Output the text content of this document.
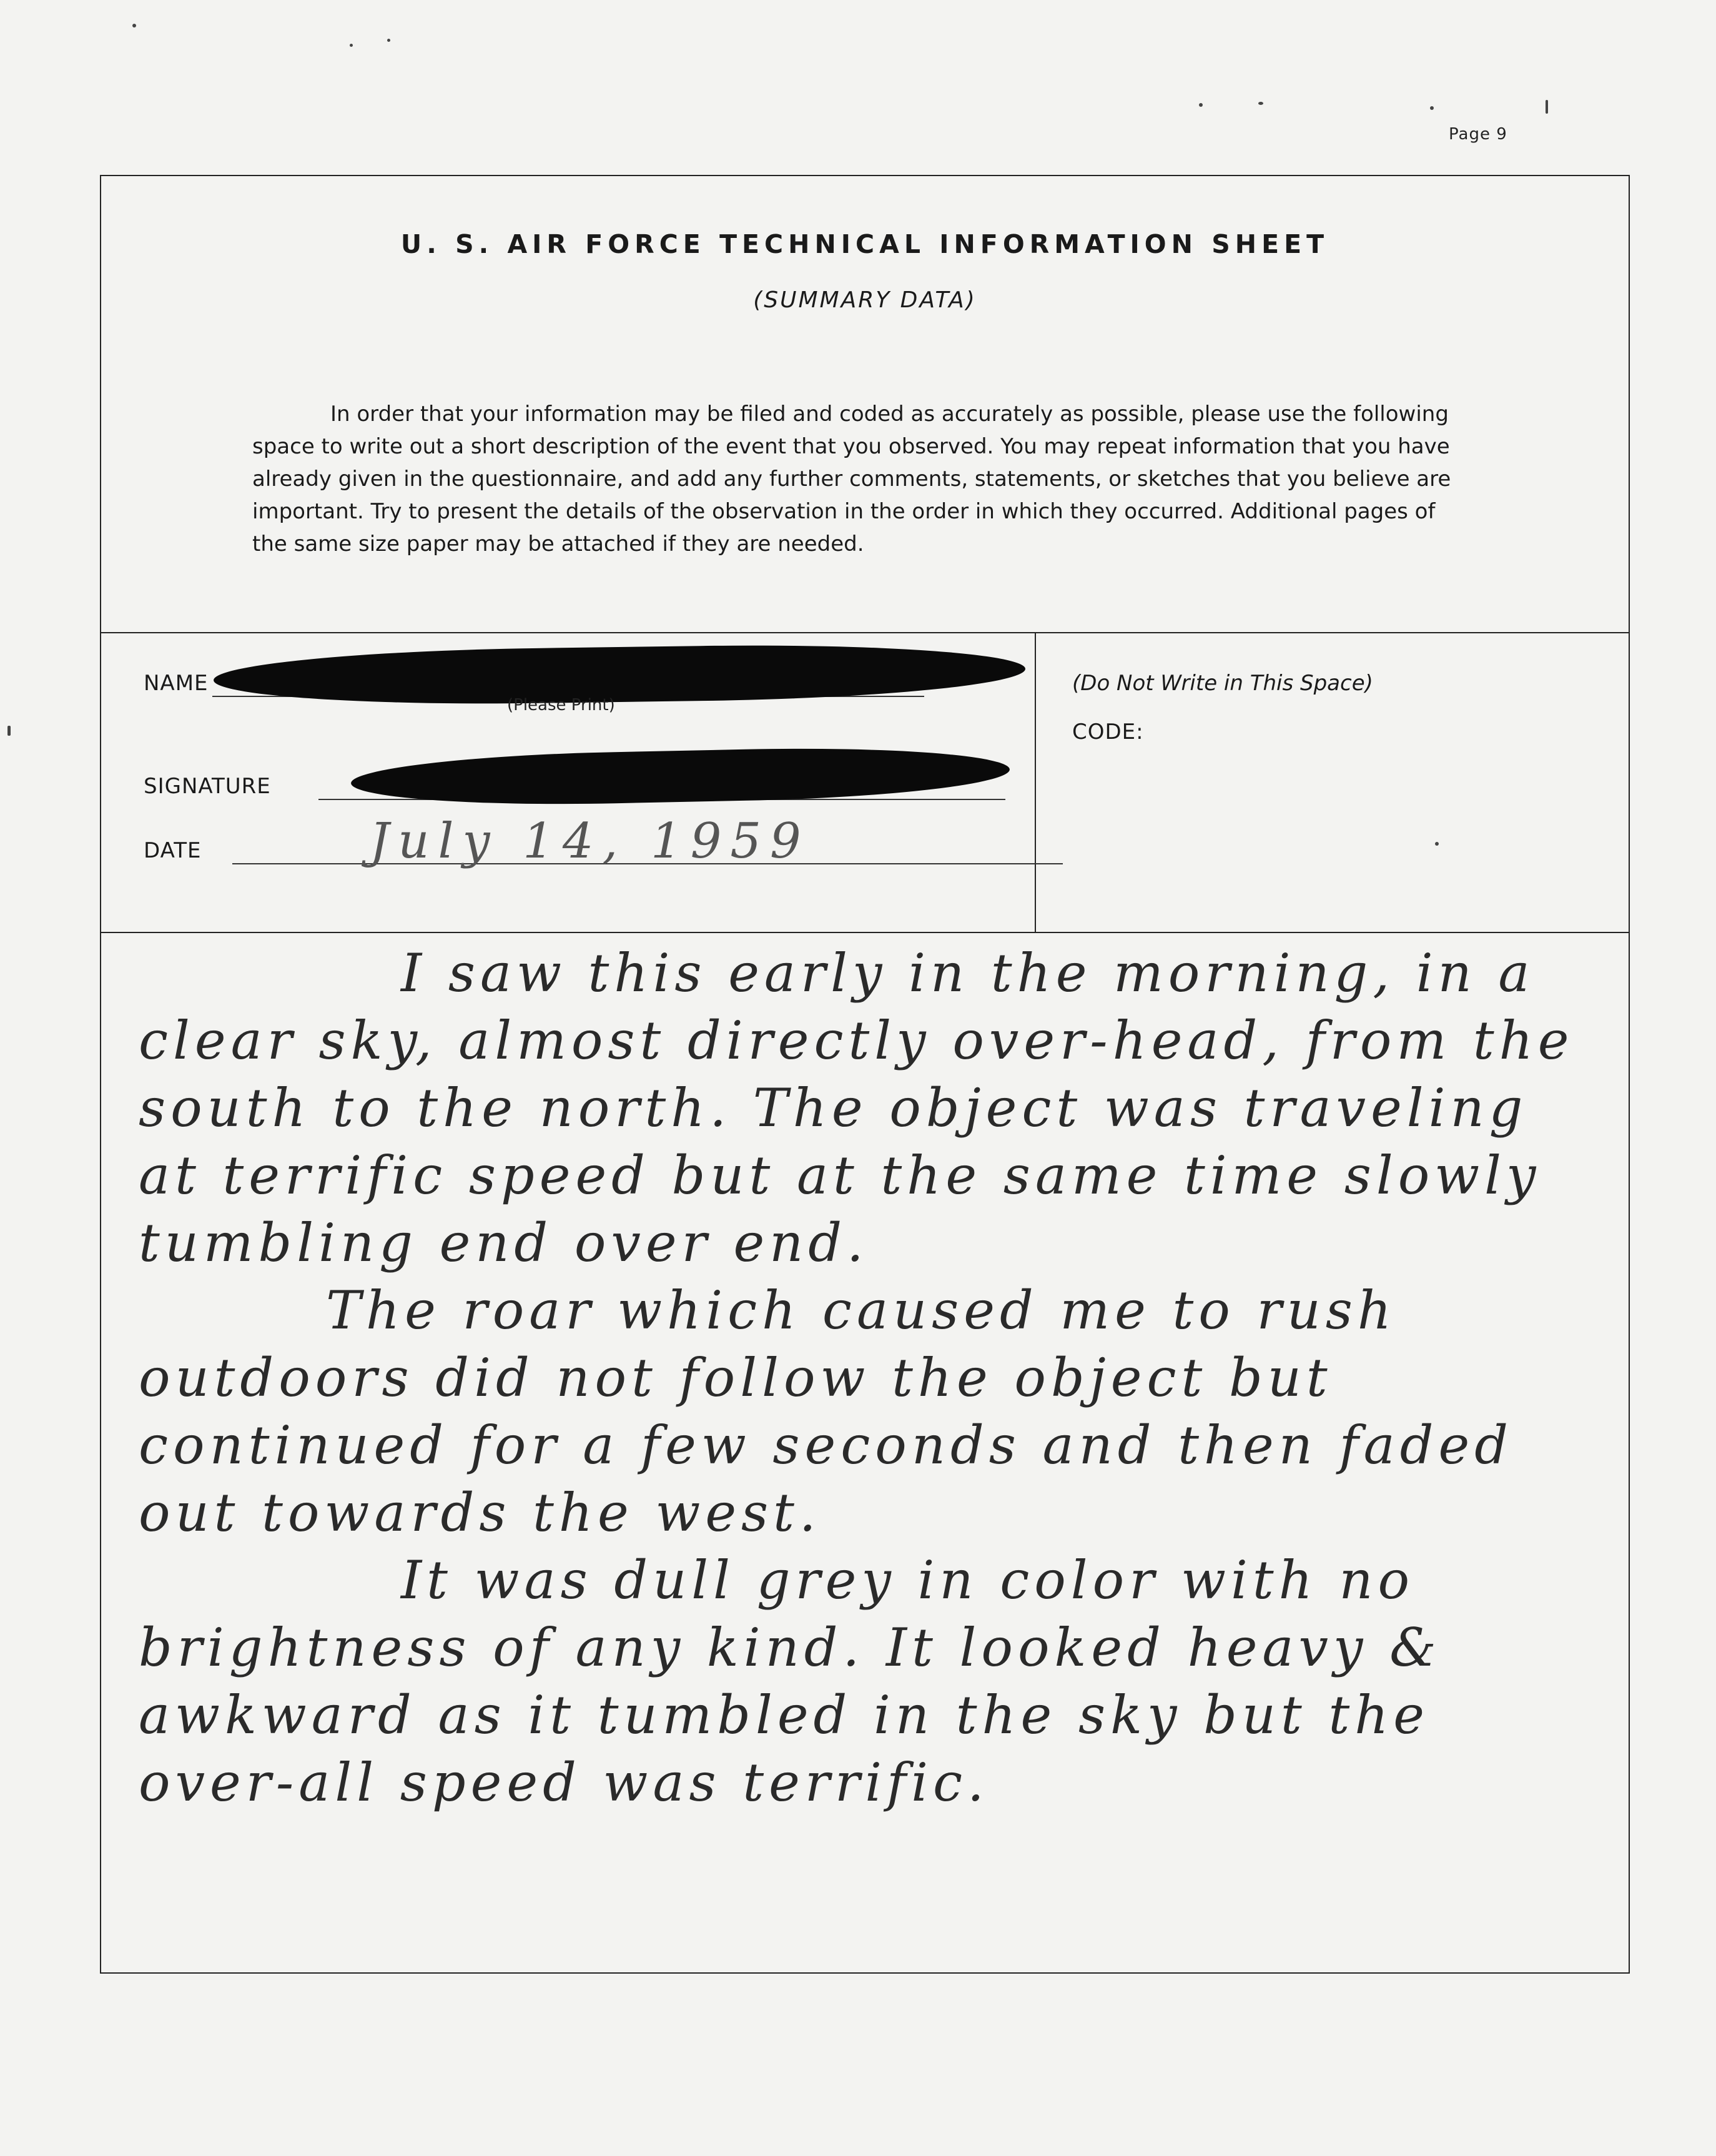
Page 9
U. S. AIR FORCE TECHNICAL INFORMATION SHEET
(SUMMARY DATA)

In order that your information may be filed and coded as accurately as possible, please use the following space to write out a short description of the event that you observed. You may repeat information that you have already given in the questionnaire, and add any further comments, statements, or sketches that you believe are important. Try to present the details of the observation in the order in which they occurred. Additional pages of the same size paper may be attached if they are needed.

NAME
(Please Print)
SIGNATURE
DATE	July 14, 1959
(Do Not Write in This Space)
CODE:

I saw this early in the morning, in a clear sky, almost directly over-head, from the south to the north. The object was traveling at terrific speed but at the same time slowly tumbling end over end.

The roar which caused me to rush outdoors did not follow the object but continued for a few seconds and then faded out towards the west.

It was dull grey in color with no brightness of any kind. It looked heavy & awkward as it tumbled in the sky but the over-all speed was terrific.
